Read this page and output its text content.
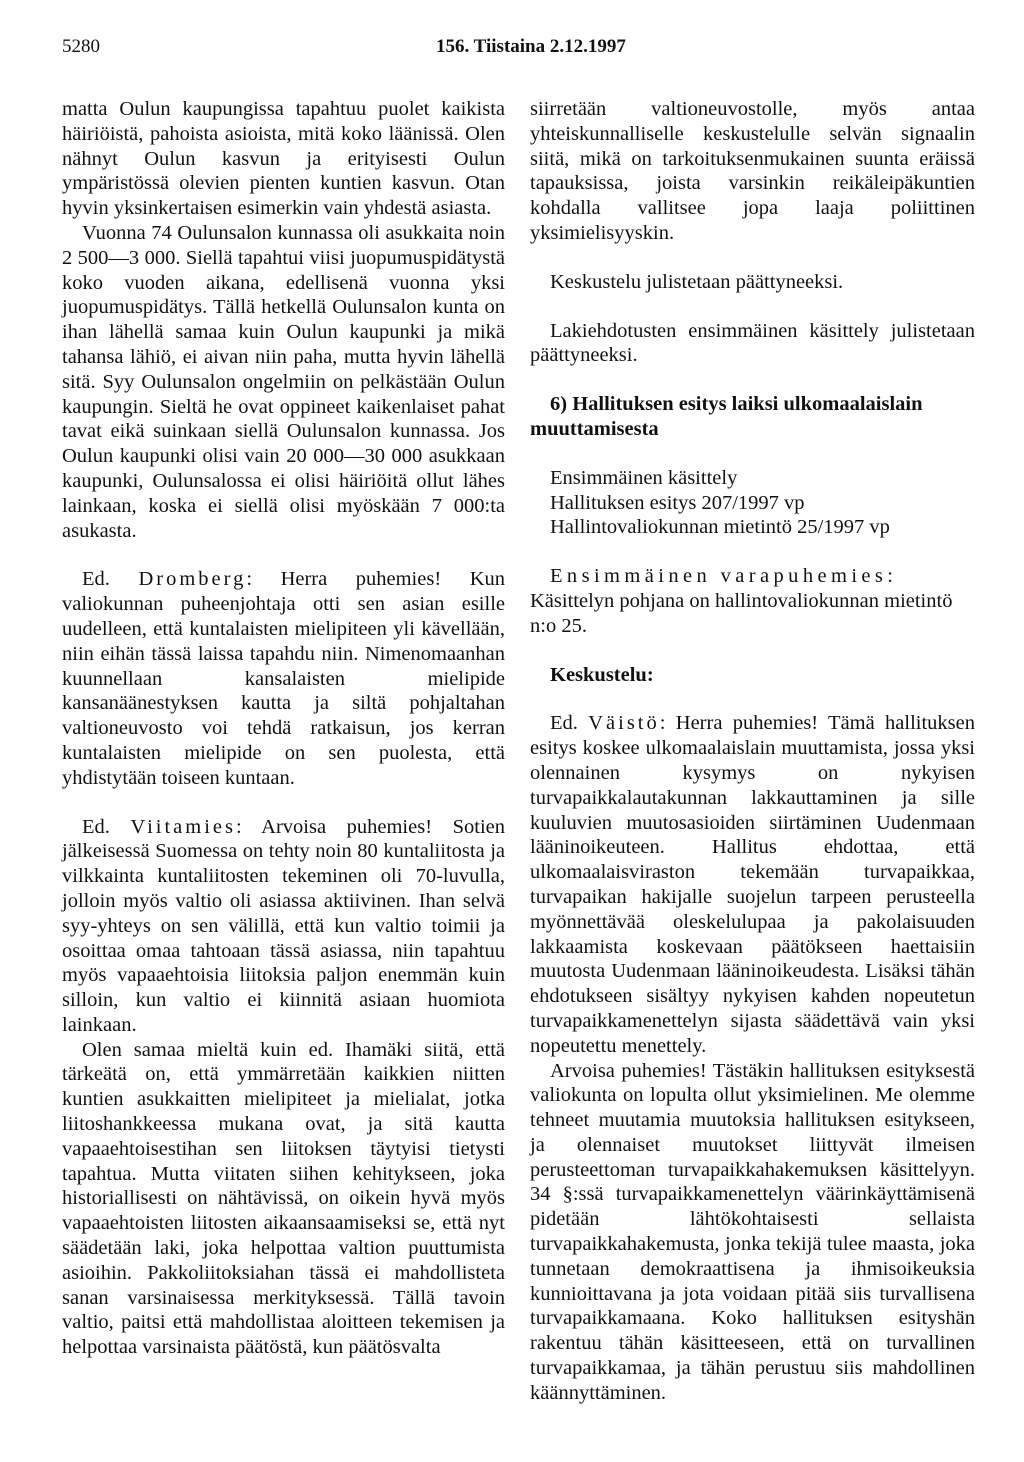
5280	156. Tiistaina 2.12.1997

matta Oulun kaupungissa tapahtuu puolet kaikista häiriöistä, pahoista asioista, mitä koko läänissä. Olen nähnyt Oulun kasvun ja erityisesti Oulun ympäristössä olevien pienten kuntien kasvun. Otan hyvin yksinkertaisen esimerkin vain yhdestä asiasta.

Vuonna 74 Oulunsalon kunnassa oli asukkaita noin 2 500—3 000. Siellä tapahtui viisi juopumuspidätystä koko vuoden aikana, edellisenä vuonna yksi juopumuspidätys. Tällä hetkellä Oulunsalon kunta on ihan lähellä samaa kuin Oulun kaupunki ja mikä tahansa lähiö, ei aivan niin paha, mutta hyvin lähellä sitä. Syy Oulunsalon ongelmiin on pelkästään Oulun kaupungin. Sieltä he ovat oppineet kaikenlaiset pahat tavat eikä suinkaan siellä Oulunsalon kunnassa. Jos Oulun kaupunki olisi vain 20 000—30 000 asukkaan kaupunki, Oulunsalossa ei olisi häiriöitä ollut lähes lainkaan, koska ei siellä olisi myöskään 7 000:ta asukasta.

Ed. Dromberg: Herra puhemies! Kun valiokunnan puheenjohtaja otti sen asian esille uudelleen, että kuntalaisten mielipiteen yli kävellään, niin eihän tässä laissa tapahdu niin. Nimenomaanhan kuunnellaan kansalaisten mielipide kansanäänestyksen kautta ja siltä pohjaltahan valtioneuvosto voi tehdä ratkaisun, jos kerran kuntalaisten mielipide on sen puolesta, että yhdistytään toiseen kuntaan.

Ed. Viitamies: Arvoisa puhemies! Sotien jälkeisessä Suomessa on tehty noin 80 kuntaliitosta ja vilkkainta kuntaliitosten tekeminen oli 70-luvulla, jolloin myös valtio oli asiassa aktiivinen. Ihan selvä syy-yhteys on sen välillä, että kun valtio toimii ja osoittaa omaa tahtoaan tässä asiassa, niin tapahtuu myös vapaaehtoisia liitoksia paljon enemmän kuin silloin, kun valtio ei kiinnitä asiaan huomiota lainkaan.

Olen samaa mieltä kuin ed. Ihamäki siitä, että tärkeätä on, että ymmärretään kaikkien niitten kuntien asukkaitten mielipiteet ja mielialat, jotka liitoshankkeessa mukana ovat, ja sitä kautta vapaaehtoisestihan sen liitoksen täytyisi tietysti tapahtua. Mutta viitaten siihen kehitykseen, joka historiallisesti on nähtävissä, on oikein hyvä myös vapaaehtoisten liitosten aikaansaamiseksi se, että nyt säädetään laki, joka helpottaa valtion puuttumista asioihin. Pakkoliitoksiahan tässä ei mahdollisteta sanan varsinaisessa merkityksessä. Tällä tavoin valtio, paitsi että mahdollistaa aloitteen tekemisen ja helpottaa varsinaista päätöstä, kun päätösvalta

siirretään valtioneuvostolle, myös antaa yhteiskunnalliselle keskustelulle selvän signaalin siitä, mikä on tarkoituksenmukainen suunta eräissä tapauksissa, joista varsinkin reikäleipäkuntien kohdalla vallitsee jopa laaja poliittinen yksimielisyyskin.

Keskustelu julistetaan päättyneeksi.

Lakiehdotusten ensimmäinen käsittely julistetaan päättyneeksi.

6) Hallituksen esitys laiksi ulkomaalaislain muuttamisesta

Ensimmäinen käsittely

Hallituksen esitys 207/1997 vp

Hallintovaliokunnan mietintö 25/1997 vp

Ensimmäinen varapuhemies:
Käsittelyn pohjana on hallintovaliokunnan mietintö n:o 25.

Keskustelu:

Ed. Väistö: Herra puhemies! Tämä hallituksen esitys koskee ulkomaalaislain muuttamista, jossa yksi olennainen kysymys on nykyisen turvapaikkalautakunnan lakkauttaminen ja sille kuuluvien muutosasioiden siirtäminen Uudenmaan lääninoikeuteen. Hallitus ehdottaa, että ulkomaalaisviraston tekemään turvapaikkaa, turvapaikan hakijalle suojelun tarpeen perusteella myönnettävää oleskelulupaa ja pakolaisuuden lakkaamista koskevaan päätökseen haettaisiin muutosta Uudenmaan lääninoikeudesta. Lisäksi tähän ehdotukseen sisältyy nykyisen kahden nopeutetun turvapaikkamenettelyn sijasta säädettävä vain yksi nopeutettu menettely.

Arvoisa puhemies! Tästäkin hallituksen esityksestä valiokunta on lopulta ollut yksimielinen. Me olemme tehneet muutamia muutoksia hallituksen esitykseen, ja olennaiset muutokset liittyvät ilmeisen perusteettoman turvapaikkahakemuksen käsittelyyn. 34 §:ssä turvapaikkamenettelyn väärinkäyttämisenä pidetään lähtökohtaisesti sellaista turvapaikkahakemusta, jonka tekijä tulee maasta, joka tunnetaan demokraattisena ja ihmisoikeuksia kunnioittavana ja jota voidaan pitää siis turvallisena turvapaikkamaana. Koko hallituksen esityshän rakentuu tähän käsitteeseen, että on turvallinen turvapaikkamaa, ja tähän perustuu siis mahdollinen käännyttäminen.
